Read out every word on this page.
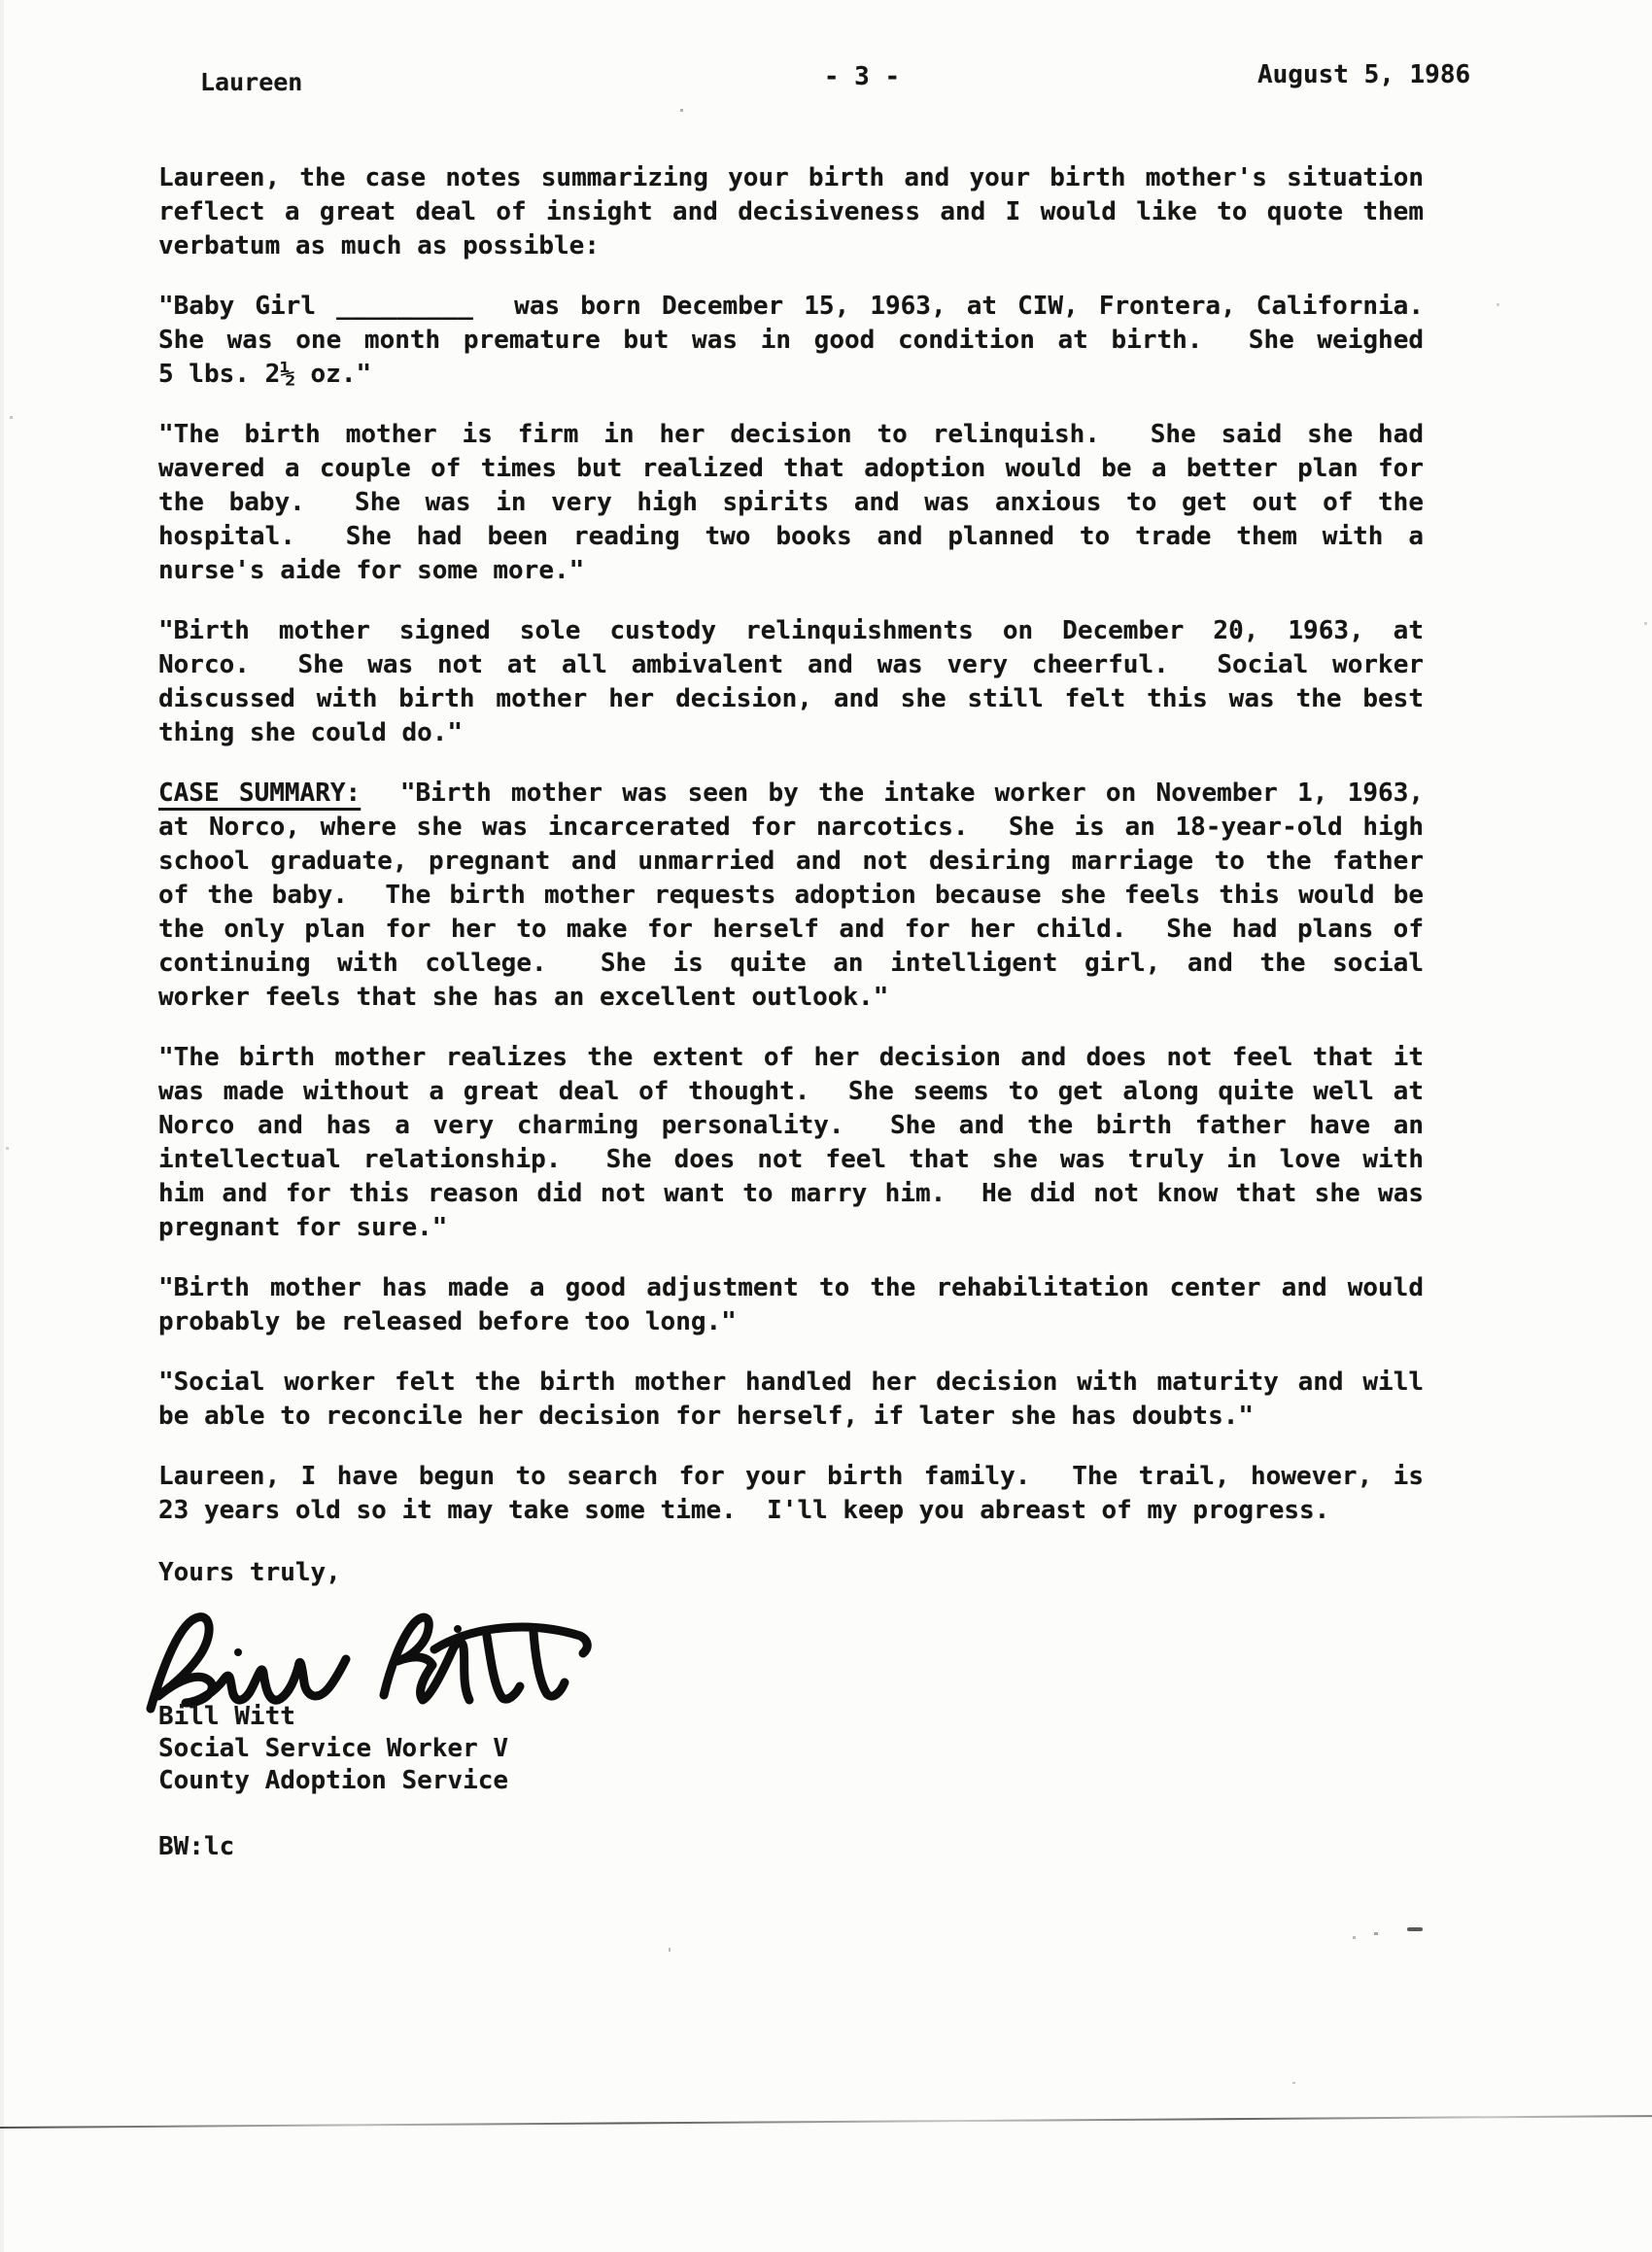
Laureen	- 3 -	August 5, 1986
Laureen, the case notes summarizing your birth and your birth mother's situation
reflect a great deal of insight and decisiveness and I would like to quote them
verbatum as much as possible:
"Baby Girl _________  was born December 15, 1963, at CIW, Frontera, California.
She was one month premature but was in good condition at birth.  She weighed
5 lbs. 2½ oz."
"The birth mother is firm in her decision to relinquish.  She said she had
wavered a couple of times but realized that adoption would be a better plan for
the baby.  She was in very high spirits and was anxious to get out of the
hospital.  She had been reading two books and planned to trade them with a
nurse's aide for some more."
"Birth mother signed sole custody relinquishments on December 20, 1963, at
Norco.  She was not at all ambivalent and was very cheerful.  Social worker
discussed with birth mother her decision, and she still felt this was the best
thing she could do."
CASE SUMMARY:  "Birth mother was seen by the intake worker on November 1, 1963,
at Norco, where she was incarcerated for narcotics.  She is an 18-year-old high
school graduate, pregnant and unmarried and not desiring marriage to the father
of the baby.  The birth mother requests adoption because she feels this would be
the only plan for her to make for herself and for her child.  She had plans of
continuing with college.  She is quite an intelligent girl, and the social
worker feels that she has an excellent outlook."
"The birth mother realizes the extent of her decision and does not feel that it
was made without a great deal of thought.  She seems to get along quite well at
Norco and has a very charming personality.  She and the birth father have an
intellectual relationship.  She does not feel that she was truly in love with
him and for this reason did not want to marry him.  He did not know that she was
pregnant for sure."
"Birth mother has made a good adjustment to the rehabilitation center and would
probably be released before too long."
"Social worker felt the birth mother handled her decision with maturity and will
be able to reconcile her decision for herself, if later she has doubts."
Laureen, I have begun to search for your birth family.  The trail, however, is
23 years old so it may take some time.  I'll keep you abreast of my progress.
Yours truly,
Bill Witt
Social Service Worker V
County Adoption Service
BW:lc
